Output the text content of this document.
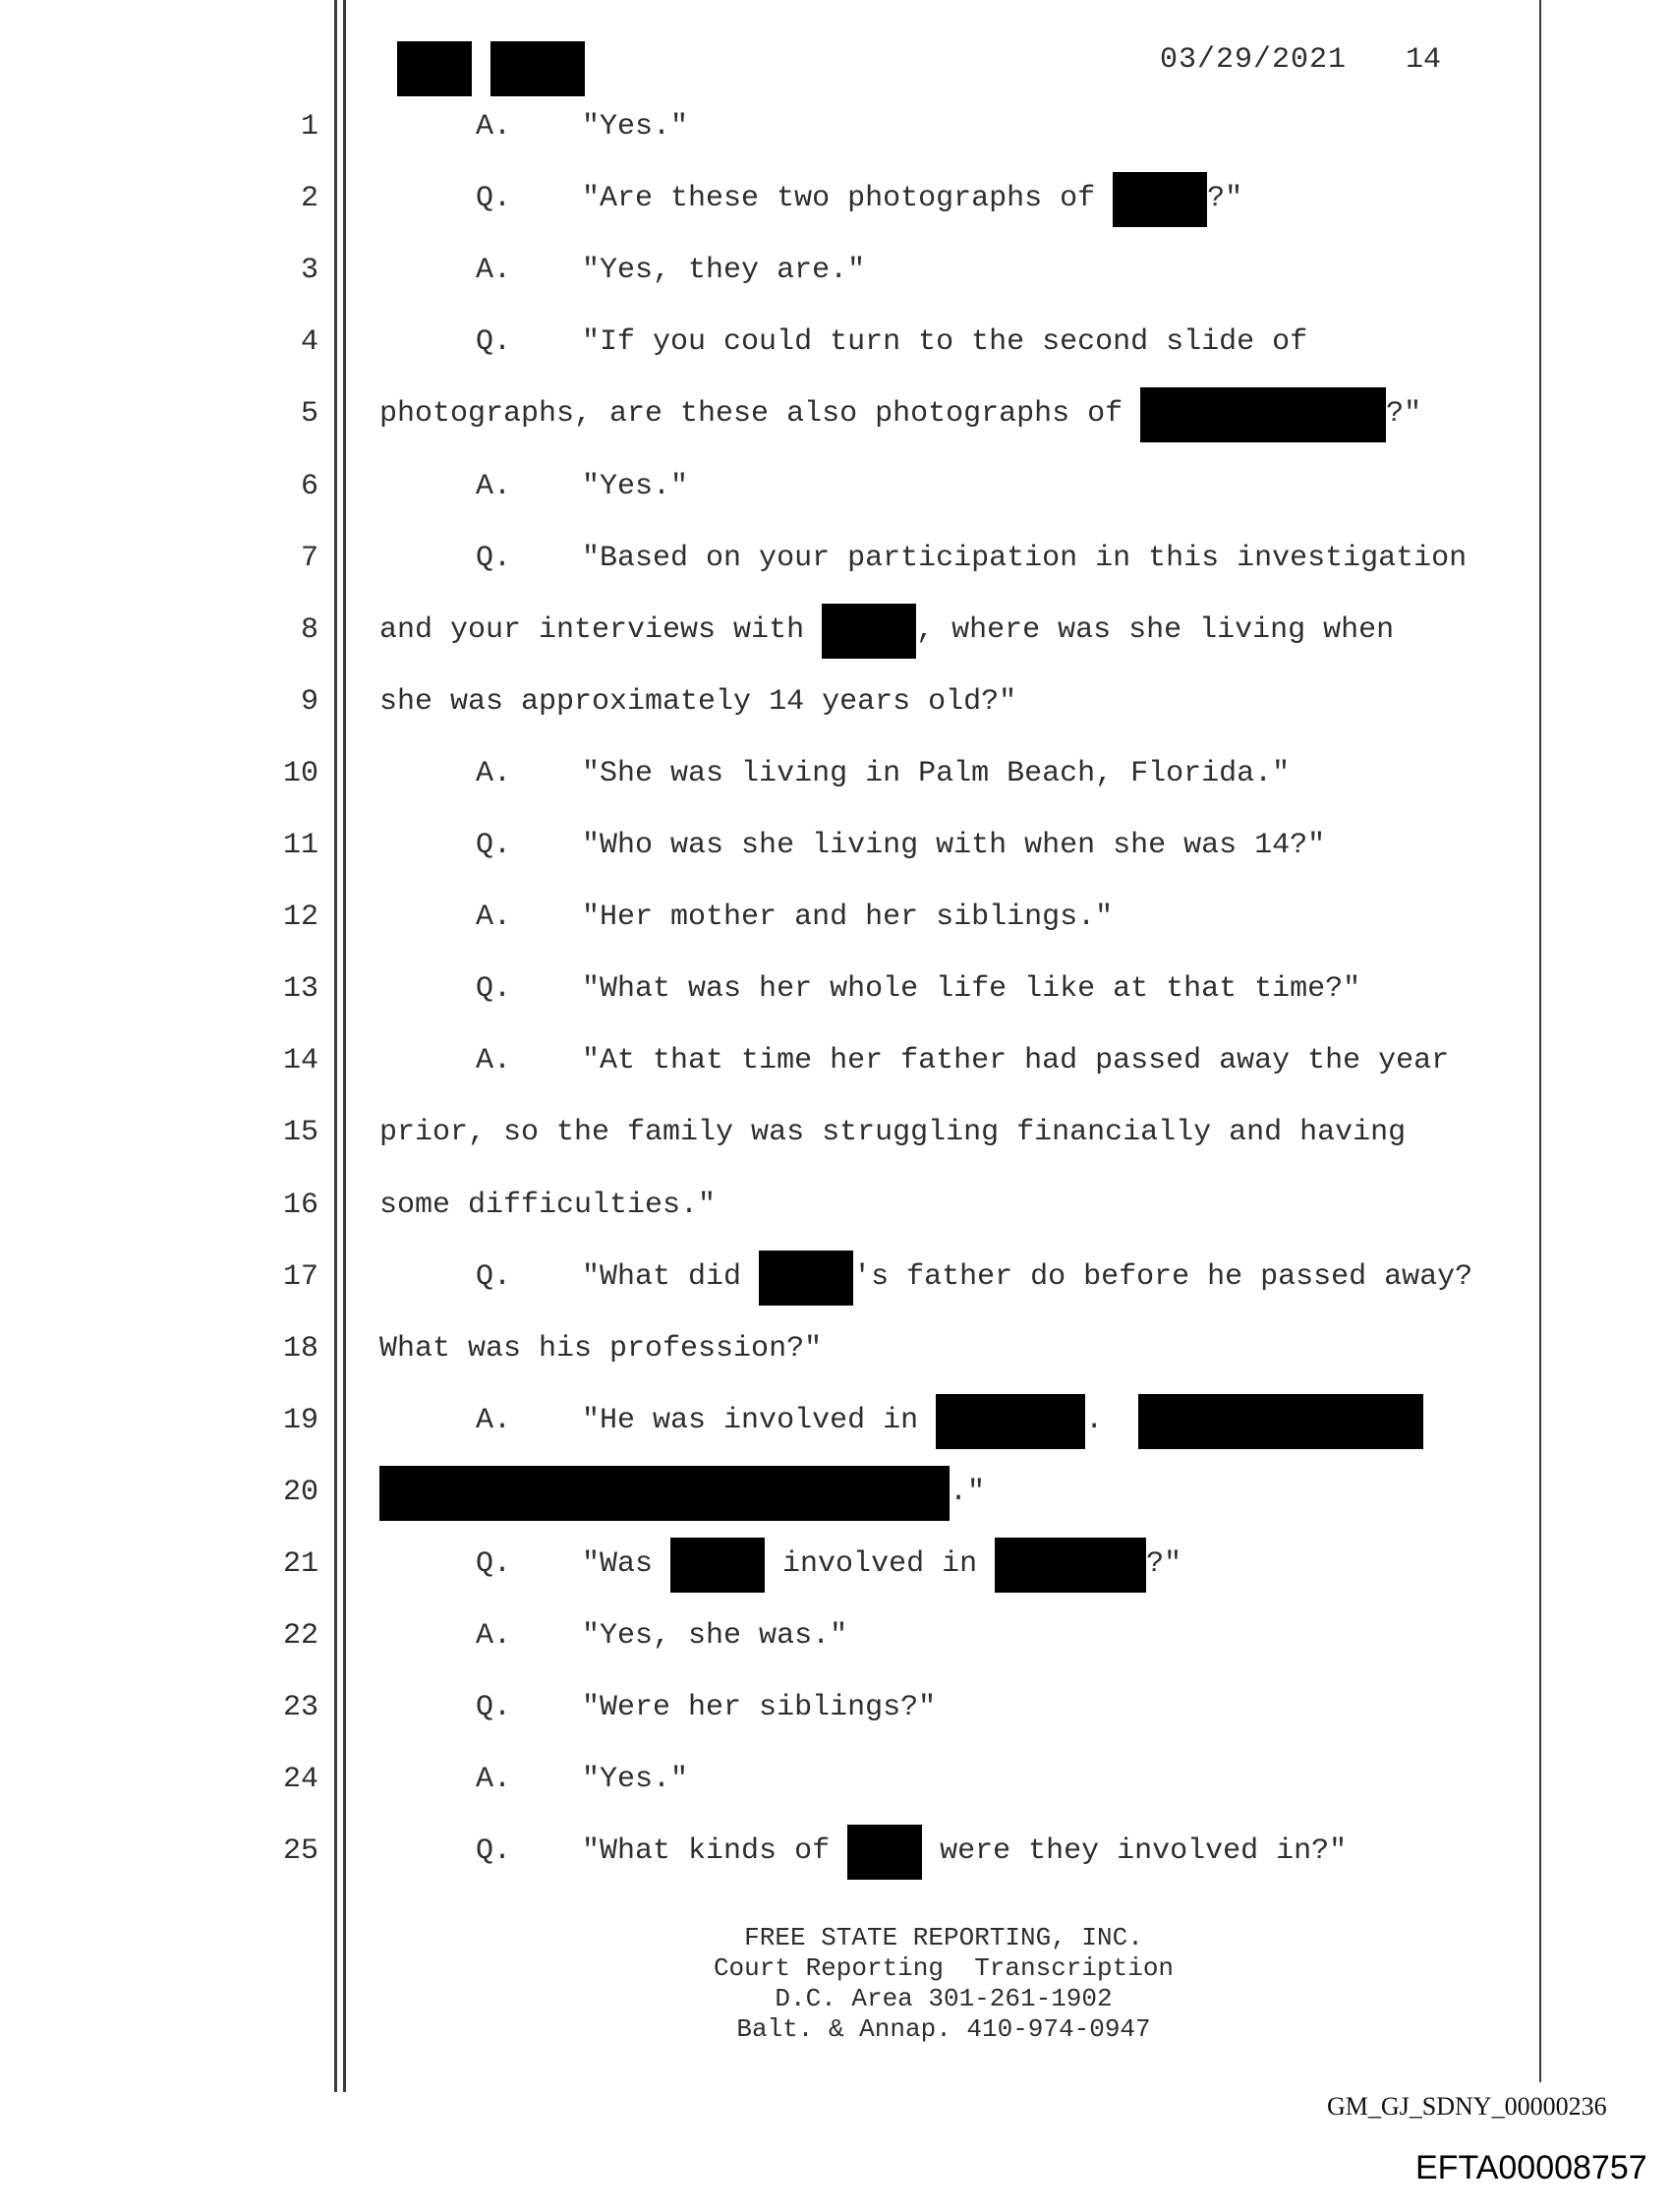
03/29/2021 14
1	A.    "Yes."
2	Q.    "Are these two photographs of	?"
3	A.    "Yes, they are."
4	Q.    "If you could turn to the second slide of
5 photographs, are these also photographs of	?"
6	A.    "Yes."
7	Q.    "Based on your participation in this investigation
8 and your interviews with	, where was she living when
9 she was approximately 14 years old?"
10	A.    "She was living in Palm Beach, Florida."
11	Q.    "Who was she living with when she was 14?"
12	A.    "Her mother and her siblings."
13	Q.    "What was her whole life like at that time?"
14	A.    "At that time her father had passed away the year
15 prior, so the family was struggling financially and having
16 some difficulties."
17	Q.    "What did	's father do before he passed away?
18 What was his profession?"
19	A.    "He was involved in	.
20	."
21	Q.    "Was	involved in	?"
22	A.    "Yes, she was."
23	Q.    "Were her siblings?"
24	A.    "Yes."
25	Q.    "What kinds of	were they involved in?"
FREE STATE REPORTING, INC.
Court Reporting  Transcription
D.C. Area 301-261-1902
Balt. & Annap. 410-974-0947
GM_GJ_SDNY_00000236
EFTA00008757
